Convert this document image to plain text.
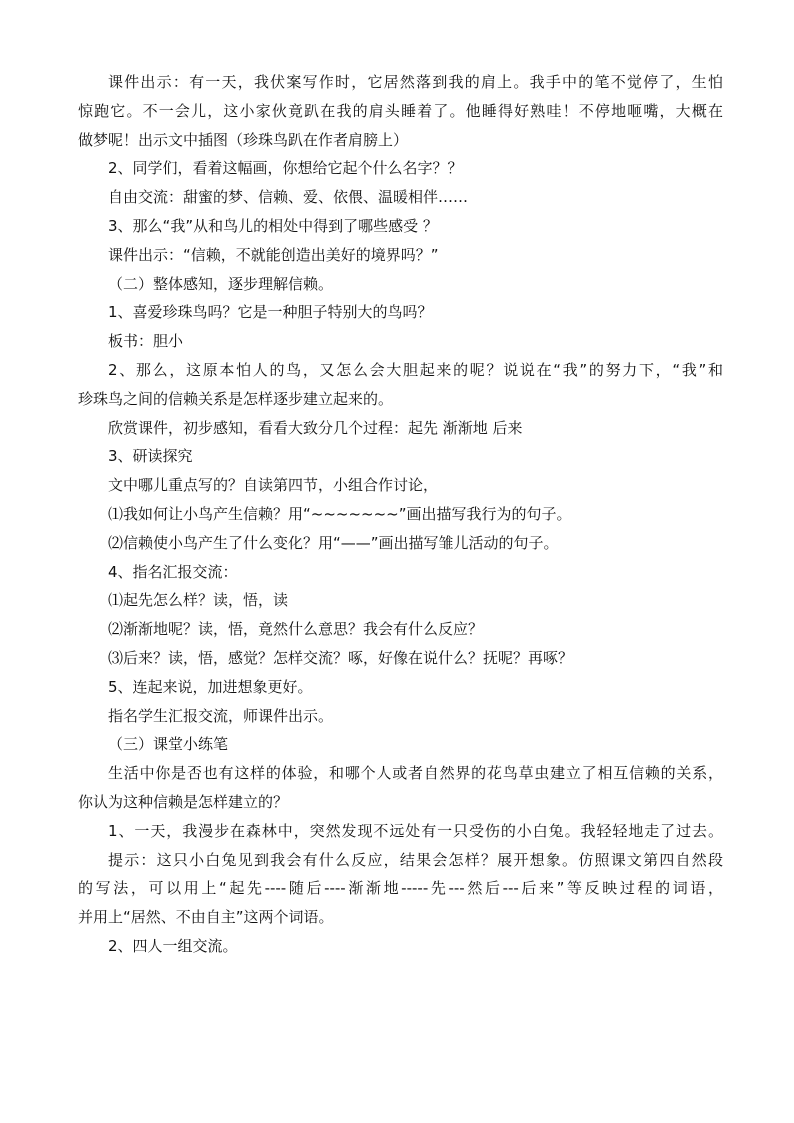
课件出示：有一天，我伏案写作时，它居然落到我的肩上。我手中的笔不觉停了，生怕
惊跑它。不一会儿，这小家伙竟趴在我的肩头睡着了。他睡得好熟哇！不停地咂嘴，大概在
做梦呢！出示文中插图（珍珠鸟趴在作者肩膀上）
2、同学们，看着这幅画，你想给它起个什么名字？？
自由交流：甜蜜的梦、信赖、爱、依偎、温暖相伴……
3、那么“我”从和鸟儿的相处中得到了哪些感受 ？
课件出示：“信赖，不就能创造出美好的境界吗？”
（二）整体感知，逐步理解信赖。
1、喜爱珍珠鸟吗？它是一种胆子特别大的鸟吗？
板书：胆小
2、那么，这原本怕人的鸟，又怎么会大胆起来的呢？说说在“我”的努力下，“我”和
珍珠鸟之间的信赖关系是怎样逐步建立起来的。
欣赏课件，初步感知，看看大致分几个过程：起先 渐渐地 后来
3、研读探究
文中哪儿重点写的？自读第四节，小组合作讨论，
⑴我如何让小鸟产生信赖？用“~~~~~~~”画出描写我行为的句子。
⑵信赖使小鸟产生了什么变化？用“——”画出描写雏儿活动的句子。
4、指名汇报交流：
⑴起先怎么样？读，悟，读
⑵渐渐地呢？读，悟，竟然什么意思？我会有什么反应？
⑶后来？读，悟，感觉？怎样交流？啄，好像在说什么？抚呢？再啄？
5、连起来说，加进想象更好。
指名学生汇报交流，师课件出示。
（三）课堂小练笔
生活中你是否也有这样的体验，和哪个人或者自然界的花鸟草虫建立了相互信赖的关系，
你认为这种信赖是怎样建立的？
1、一天，我漫步在森林中，突然发现不远处有一只受伤的小白兔。我轻轻地走了过去。
提示：这只小白兔见到我会有什么反应，结果会怎样？展开想象。仿照课文第四自然段
的写法，可以用上“起先----随后----渐渐地-----先---然后---后来”等反映过程的词语，
并用上“居然、不由自主”这两个词语。
2、四人一组交流。
